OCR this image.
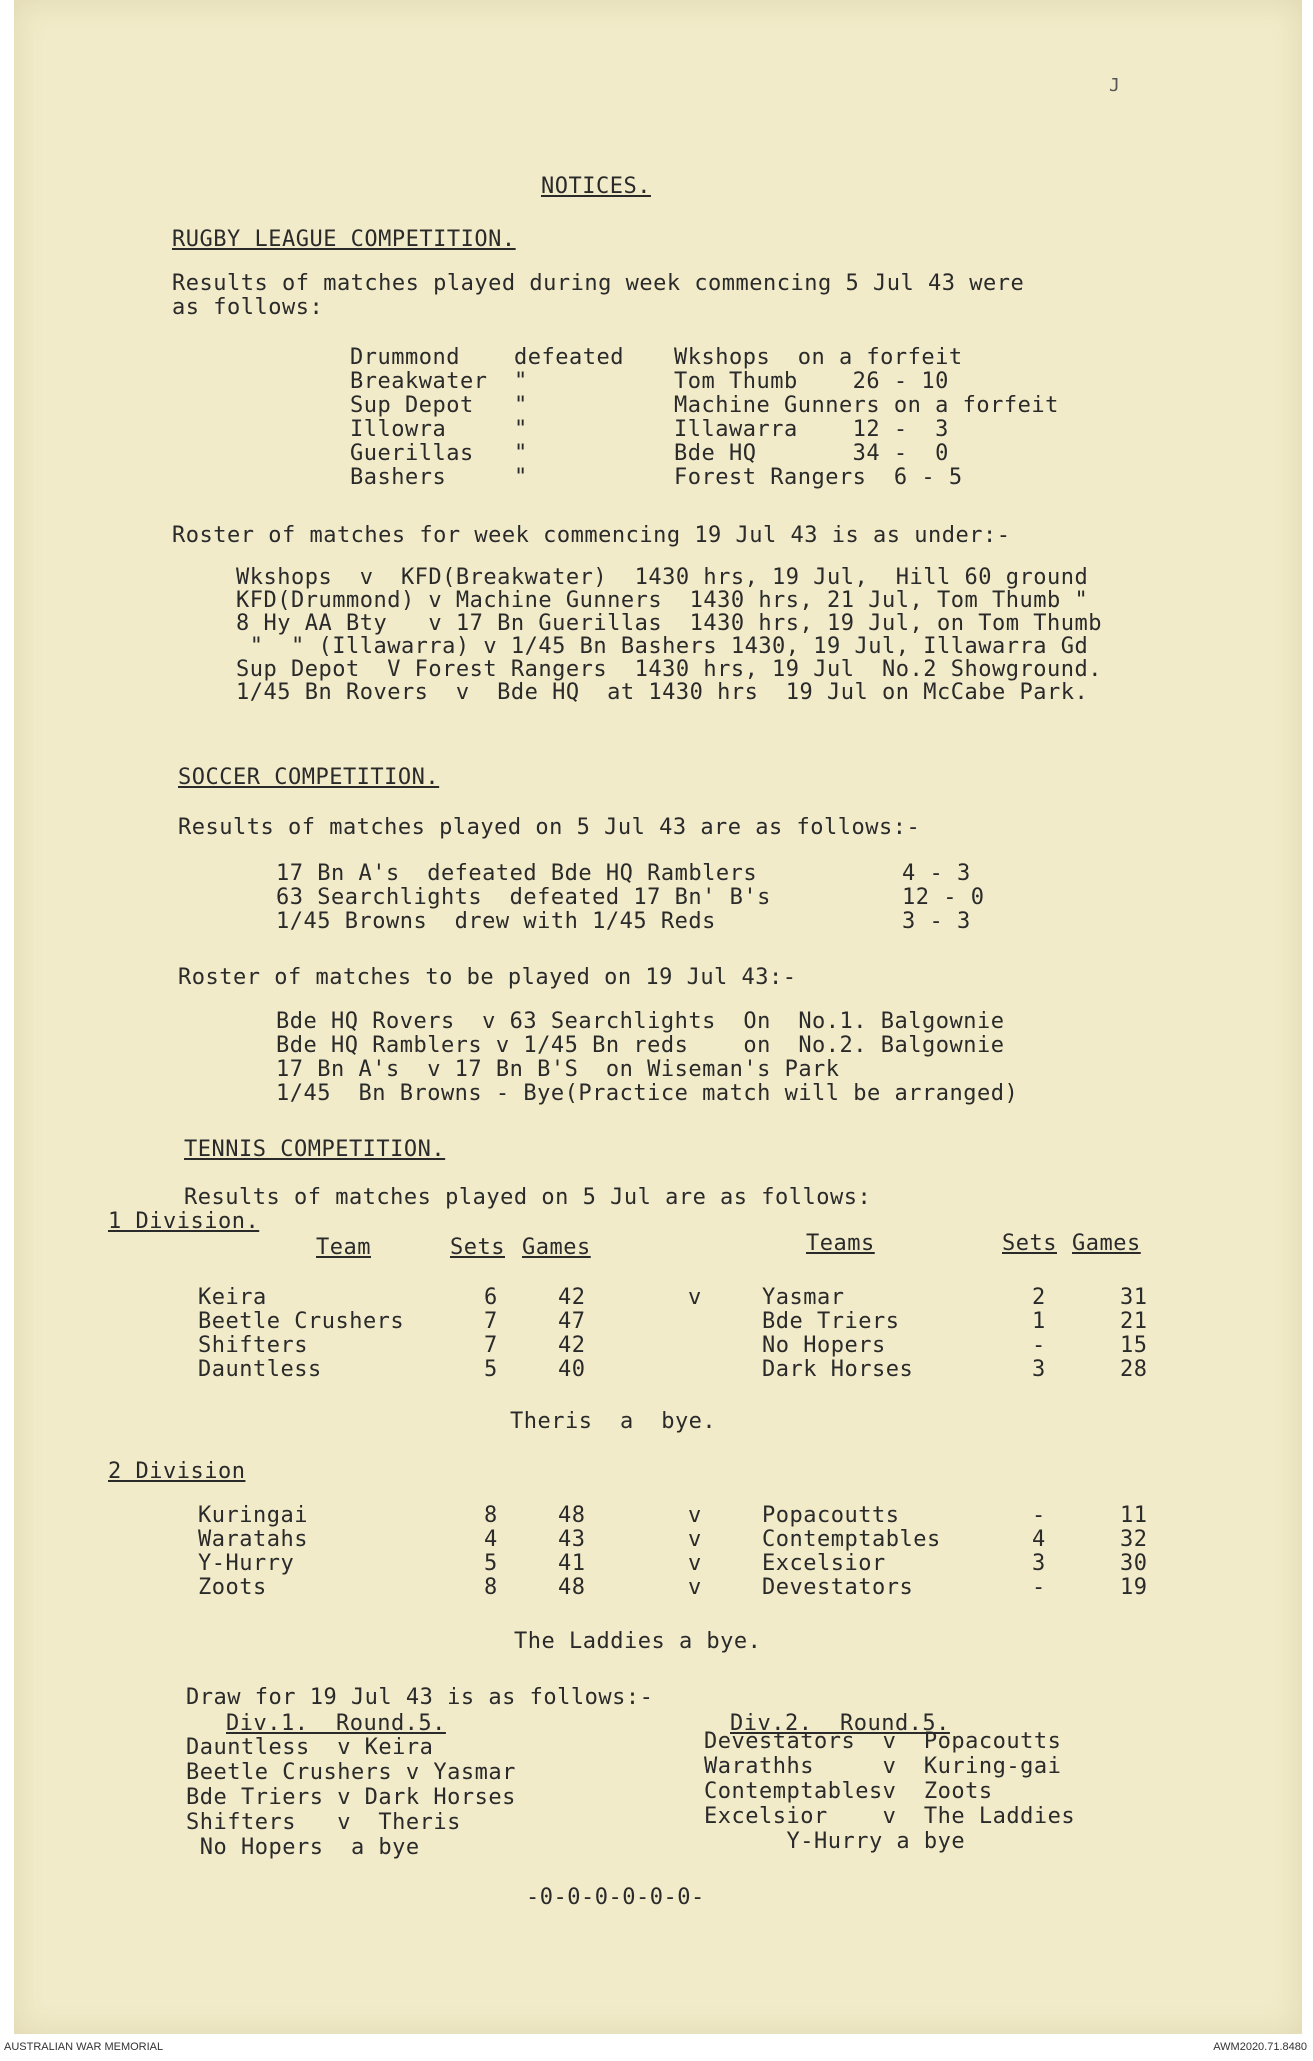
J
NOTICES.
RUGBY LEAGUE COMPETITION.
Results of matches played during week commencing 5 Jul 43 were
as follows:
Drummond defeated Wkshops  on a forfeit
Breakwater "	Tom Thumb    26 - 10
Sup Depot "	Machine Gunners on a forfeit
Illowra	"	Illawarra    12 -  3
Guerillas "	Bde HQ       34 -  0
Bashers	"	Forest Rangers  6 - 5
Roster of matches for week commencing 19 Jul 43 is as under:-
Wkshops  v  KFD(Breakwater)  1430 hrs, 19 Jul,  Hill 60 ground
KFD(Drummond) v Machine Gunners  1430 hrs, 21 Jul, Tom Thumb "
8 Hy AA Bty   v 17 Bn Guerillas  1430 hrs, 19 Jul, on Tom Thumb
"  " (Illawarra) v 1/45 Bn Bashers 1430, 19 Jul, Illawarra Gd
Sup Depot  V Forest Rangers  1430 hrs, 19 Jul  No.2 Showground.
1/45 Bn Rovers  v  Bde HQ  at 1430 hrs  19 Jul on McCabe Park.
SOCCER COMPETITION.
Results of matches played on 5 Jul 43 are as follows:-
17 Bn A's  defeated Bde HQ Ramblers	4 - 3
63 Searchlights  defeated 17 Bn' B's	12 - 0
1/45 Browns  drew with 1/45 Reds	3 - 3
Roster of matches to be played on 19 Jul 43:-
Bde HQ Rovers  v 63 Searchlights  On  No.1. Balgownie
Bde HQ Ramblers v 1/45 Bn reds    on  No.2. Balgownie
17 Bn A's  v 17 Bn B'S  on Wiseman's Park
1/45  Bn Browns - Bye(Practice match will be arranged)
TENNIS COMPETITION.
Results of matches played on 5 Jul are as follows:
1 Division.
Team	Sets Games	Teams	Sets Games
Keira	6	42	v	Yasmar	2	31
Beetle Crushers	7	47	Bde Triers	1	21
Shifters	7	42	No Hopers	-	15
Dauntless	5	40	Dark Horses	3	28
Theris  a  bye.
2 Division
Kuringai	8	48	v	Popacoutts	-	11
Waratahs	4	43	v	Contemptables	4	32
Y-Hurry	5	41	v	Excelsior	3	30
Zoots	8	48	v	Devestators	-	19
The Laddies a bye.
Draw for 19 Jul 43 is as follows:-
Div.1.  Round.5.	Div.2.  Round.5.
Dauntless  v Keira
Beetle Crushers v Yasmar
Bde Triers v Dark Horses
Shifters   v  Theris
No Hopers  a bye
Devestators  v  Popacoutts
Warathhs     v  Kuring-gai
Contemptablesv  Zoots
Excelsior    v  The Laddies
Y-Hurry a bye
-0-0-0-0-0-0-
AUSTRALIAN WAR MEMORIAL	AWM2020.71.8480
